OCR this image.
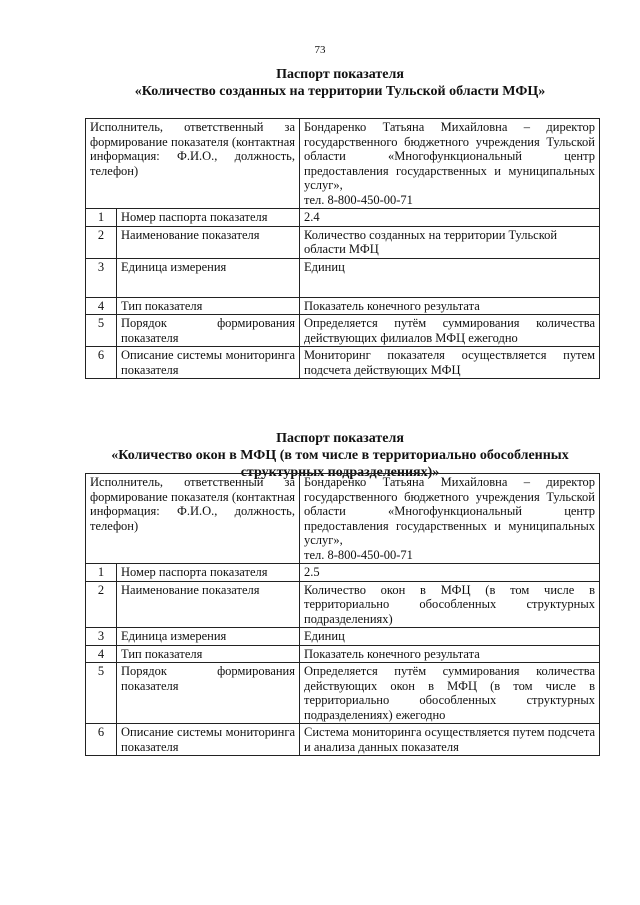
73
Паспорт показателя
«Количество созданных на территории Тульской области МФЦ»
Исполнитель, ответственный за формирование показателя (контактная информация: Ф.И.О., должность, телефон)		Бондаренко Татьяна Михайловна – директор государственного бюджетного учреждения Тульской области «Многофункциональный центр предоставления государственных и муниципальных услуг»,
тел. 8-800-450-00-71
1	Номер паспорта показателя	2.4
2	Наименование показателя	Количество созданных на территории Тульской области МФЦ
3	Единица измерения	Единиц
4	Тип показателя	Показатель конечного результата
5	Порядок формирования показателя	Определяется путём суммирования количества действующих филиалов МФЦ ежегодно
6	Описание системы мониторинга показателя	Мониторинг показателя осуществляется путем подсчета действующих МФЦ
Паспорт показателя
«Количество окон в МФЦ (в том числе в территориально обособленных
структурных подразделениях)»
Исполнитель, ответственный за формирование показателя (контактная информация: Ф.И.О., должность, телефон)		Бондаренко Татьяна Михайловна – директор государственного бюджетного учреждения Тульской области «Многофункциональный центр предоставления государственных и муниципальных услуг»,
тел. 8-800-450-00-71
1	Номер паспорта показателя	2.5
2	Наименование показателя	Количество окон в МФЦ (в том числе в территориально обособленных структурных подразделениях)
3	Единица измерения	Единиц
4	Тип показателя	Показатель конечного результата
5	Порядок формирования показателя	Определяется путём суммирования количества действующих окон в МФЦ (в том числе в территориально обособленных структурных подразделениях) ежегодно
6	Описание системы мониторинга показателя	Система мониторинга осуществляется путем подсчета и анализа данных показателя
